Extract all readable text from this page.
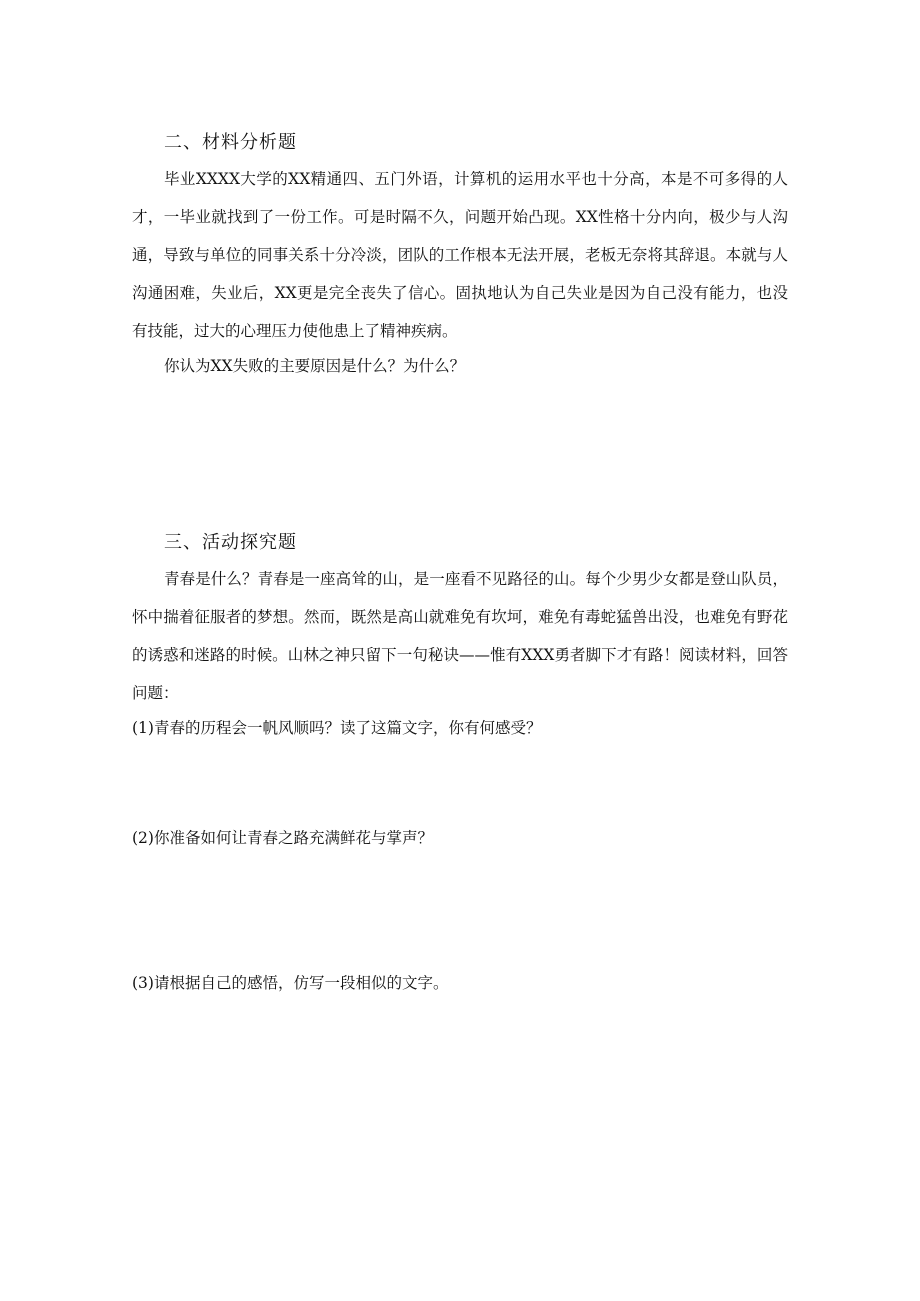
二、材料分析题

毕业XXXX大学的XX精通四、五门外语，计算机的运用水平也十分高，本是不可多得的人才，一毕业就找到了一份工作。可是时隔不久，问题开始凸现。XX性格十分内向，极少与人沟通，导致与单位的同事关系十分冷淡，团队的工作根本无法开展，老板无奈将其辞退。本就与人沟通困难，失业后，XX更是完全丧失了信心。固执地认为自己失业是因为自己没有能力，也没有技能，过大的心理压力使他患上了精神疾病。

你认为XX失败的主要原因是什么？为什么？
三、活动探究题

青春是什么？青春是一座高耸的山，是一座看不见路径的山。每个少男少女都是登山队员，怀中揣着征服者的梦想。然而，既然是高山就难免有坎坷，难免有毒蛇猛兽出没，也难免有野花的诱惑和迷路的时候。山林之神只留下一句秘诀——惟有XXX勇者脚下才有路！阅读材料，回答问题：

(1)青春的历程会一帆风顺吗？读了这篇文字，你有何感受？
(2)你准备如何让青春之路充满鲜花与掌声？
(3)请根据自己的感悟，仿写一段相似的文字。
